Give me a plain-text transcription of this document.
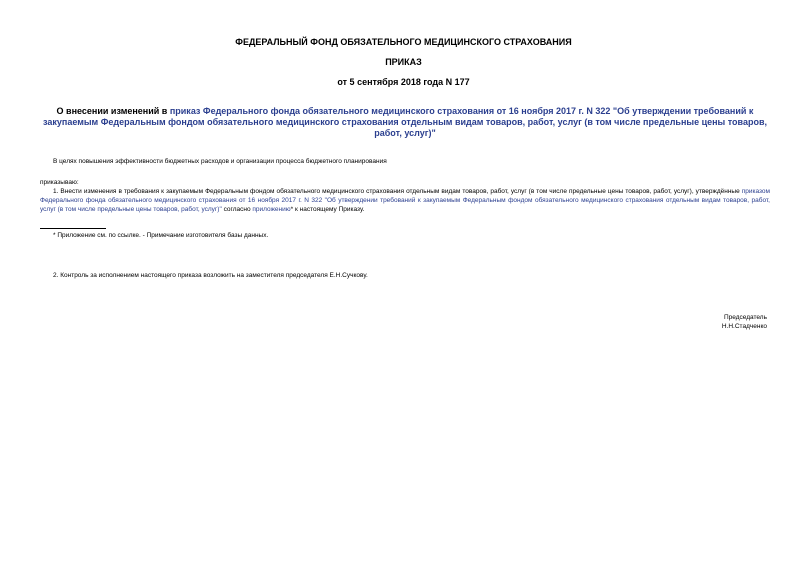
ФЕДЕРАЛЬНЫЙ ФОНД ОБЯЗАТЕЛЬНОГО МЕДИЦИНСКОГО СТРАХОВАНИЯ
ПРИКАЗ
от 5 сентября 2018 года N 177
О внесении изменений в приказ Федерального фонда обязательного медицинского страхования от 16 ноября 2017 г. N 322 "Об утверждении требований к закупаемым Федеральным фондом обязательного медицинского страхования отдельным видам товаров, работ, услуг (в том числе предельные цены товаров, работ, услуг)"
В целях повышения эффективности бюджетных расходов и организации процесса бюджетного планирования
приказываю:
1. Внести изменения в требования к закупаемым Федеральным фондом обязательного медицинского страхования отдельным видам товаров, работ, услуг (в том числе предельные цены товаров, работ, услуг), утверждённые приказом Федерального фонда обязательного медицинского страхования от 16 ноября 2017 г. N 322 "Об утверждении требований к закупаемым Федеральным фондом обязательного медицинского страхования отдельным видам товаров, работ, услуг (в том числе предельные цены товаров, работ, услуг)" согласно приложению* к настоящему Приказу.
* Приложение см. по ссылке. - Примечание изготовителя базы данных.
2. Контроль за исполнением настоящего приказа возложить на заместителя председателя Е.Н.Сучкову.
Председатель
Н.Н.Стадченко
